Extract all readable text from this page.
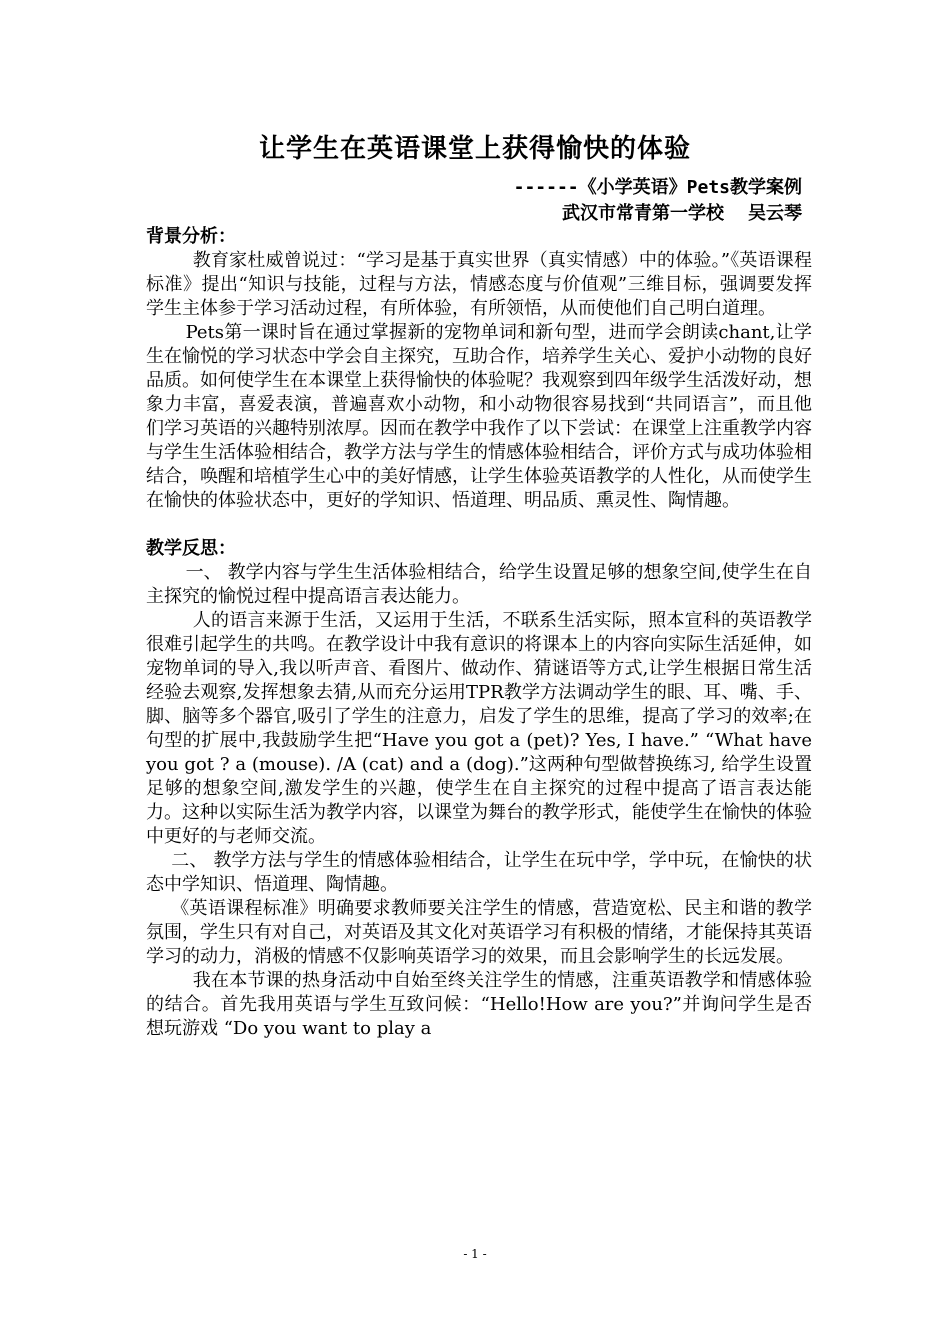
让学生在英语课堂上获得愉快的体验
------《小学英语》Pets教学案例
武汉市常青第一学校 吴云琴

背景分析：

教育家杜威曾说过：“学习是基于真实世界（真实情感）中的体验。”《英语课程标准》提出“知识与技能，过程与方法，情感态度与价值观”三维目标，强调要发挥学生主体参于学习活动过程，有所体验，有所领悟，从而使他们自己明白道理。

Pets第一课时旨在通过掌握新的宠物单词和新句型，进而学会朗读chant,让学生在愉悦的学习状态中学会自主探究，互助合作，培养学生关心、爱护小动物的良好品质。如何使学生在本课堂上获得愉快的体验呢？我观察到四年级学生活泼好动，想象力丰富，喜爱表演，普遍喜欢小动物，和小动物很容易找到“共同语言”，而且他们学习英语的兴趣特别浓厚。因而在教学中我作了以下尝试：在课堂上注重教学内容与学生生活体验相结合，教学方法与学生的情感体验相结合，评价方式与成功体验相结合，唤醒和培植学生心中的美好情感，让学生体验英语教学的人性化，从而使学生在愉快的体验状态中，更好的学知识、悟道理、明品质、熏灵性、陶情趣。

教学反思：

一、 教学内容与学生生活体验相结合，给学生设置足够的想象空间,使学生在自主探究的愉悦过程中提高语言表达能力。

人的语言来源于生活，又运用于生活，不联系生活实际，照本宣科的英语教学很难引起学生的共鸣。在教学设计中我有意识的将课本上的内容向实际生活延伸，如宠物单词的导入,我以听声音、看图片、做动作、猜谜语等方式,让学生根据日常生活经验去观察,发挥想象去猜,从而充分运用TPR教学方法调动学生的眼、耳、嘴、手、脚、脑等多个器官,吸引了学生的注意力，启发了学生的思维，提高了学习的效率;在句型的扩展中,我鼓励学生把“Have you got a (pet)? Yes, I have.” “What have you got ? a (mouse). /A (cat) and a (dog).”这两种句型做替换练习, 给学生设置足够的想象空间,激发学生的兴趣，使学生在自主探究的过程中提高了语言表达能力。这种以实际生活为教学内容，以课堂为舞台的教学形式，能使学生在愉快的体验中更好的与老师交流。

二、 教学方法与学生的情感体验相结合，让学生在玩中学，学中玩，在愉快的状态中学知识、悟道理、陶情趣。

《英语课程标准》明确要求教师要关注学生的情感，营造宽松、民主和谐的教学氛围，学生只有对自己，对英语及其文化对英语学习有积极的情绪，才能保持其英语学习的动力，消极的情感不仅影响英语学习的效果，而且会影响学生的长远发展。

我在本节课的热身活动中自始至终关注学生的情感，注重英语教学和情感体验的结合。首先我用英语与学生互致问候：“Hello!How are you?”并询问学生是否想玩游戏 “Do you want to play a

- 1 -
